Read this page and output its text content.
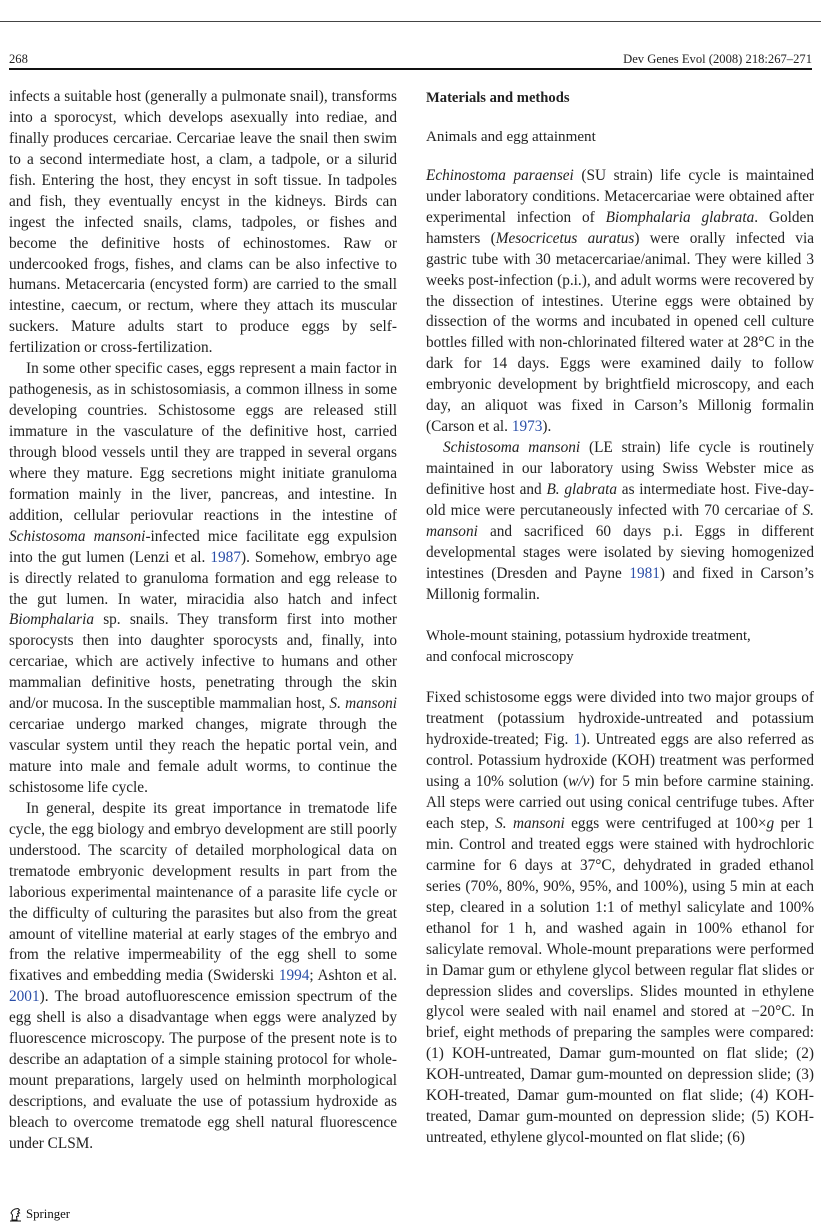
268	Dev Genes Evol (2008) 218:267–271

infects a suitable host (generally a pulmonate snail), transforms into a sporocyst, which develops asexually into rediae, and finally produces cercariae. Cercariae leave the snail then swim to a second intermediate host, a clam, a tadpole, or a silurid fish. Entering the host, they encyst in soft tissue. In tadpoles and fish, they eventually encyst in the kidneys. Birds can ingest the infected snails, clams, tadpoles, or fishes and become the definitive hosts of echinostomes. Raw or undercooked frogs, fishes, and clams can be also infective to humans. Metacercaria (encysted form) are carried to the small intestine, caecum, or rectum, where they attach its muscular suckers. Mature adults start to produce eggs by self-fertilization or cross-fertilization.

In some other specific cases, eggs represent a main factor in pathogenesis, as in schistosomiasis, a common illness in some developing countries. Schistosome eggs are released still immature in the vasculature of the definitive host, carried through blood vessels until they are trapped in several organs where they mature. Egg secretions might initiate granuloma formation mainly in the liver, pancreas, and intestine. In addition, cellular periovular reactions in the intestine of Schistosoma mansoni-infected mice facilitate egg expulsion into the gut lumen (Lenzi et al. 1987). Somehow, embryo age is directly related to granuloma formation and egg release to the gut lumen. In water, miracidia also hatch and infect Biomphalaria sp. snails. They transform first into mother sporocysts then into daughter sporocysts and, finally, into cercariae, which are actively infective to humans and other mammalian definitive hosts, penetrating through the skin and/or mucosa. In the susceptible mammalian host, S. mansoni cercariae undergo marked changes, migrate through the vascular system until they reach the hepatic portal vein, and mature into male and female adult worms, to continue the schistosome life cycle.

In general, despite its great importance in trematode life cycle, the egg biology and embryo development are still poorly understood. The scarcity of detailed morphological data on trematode embryonic development results in part from the laborious experimental maintenance of a parasite life cycle or the difficulty of culturing the parasites but also from the great amount of vitelline material at early stages of the embryo and from the relative impermeability of the egg shell to some fixatives and embedding media (Swiderski 1994; Ashton et al. 2001). The broad autofluorescence emission spectrum of the egg shell is also a disadvantage when eggs were analyzed by fluorescence microscopy. The purpose of the present note is to describe an adaptation of a simple staining protocol for whole-mount preparations, largely used on helminth morphological descriptions, and evaluate the use of potassium hydroxide as bleach to overcome trematode egg shell natural fluorescence under CLSM.

Materials and methods
Animals and egg attainment

Echinostoma paraensei (SU strain) life cycle is maintained under laboratory conditions. Metacercariae were obtained after experimental infection of Biomphalaria glabrata. Golden hamsters (Mesocricetus auratus) were orally infected via gastric tube with 30 metacercariae/animal. They were killed 3 weeks post-infection (p.i.), and adult worms were recovered by the dissection of intestines. Uterine eggs were obtained by dissection of the worms and incubated in opened cell culture bottles filled with non-chlorinated filtered water at 28°C in the dark for 14 days. Eggs were examined daily to follow embryonic development by brightfield microscopy, and each day, an aliquot was fixed in Carson’s Millonig formalin (Carson et al. 1973).

Schistosoma mansoni (LE strain) life cycle is routinely maintained in our laboratory using Swiss Webster mice as definitive host and B. glabrata as intermediate host. Five-day-old mice were percutaneously infected with 70 cercariae of S. mansoni and sacrificed 60 days p.i. Eggs in different developmental stages were isolated by sieving homogenized intestines (Dresden and Payne 1981) and fixed in Carson’s Millonig formalin.

Whole-mount staining, potassium hydroxide treatment,
and confocal microscopy

Fixed schistosome eggs were divided into two major groups of treatment (potassium hydroxide-untreated and potassium hydroxide-treated; Fig. 1). Untreated eggs are also referred as control. Potassium hydroxide (KOH) treatment was performed using a 10% solution (w/v) for 5 min before carmine staining. All steps were carried out using conical centrifuge tubes. After each step, S. mansoni eggs were centrifuged at 100×g per 1 min. Control and treated eggs were stained with hydrochloric carmine for 6 days at 37°C, dehydrated in graded ethanol series (70%, 80%, 90%, 95%, and 100%), using 5 min at each step, cleared in a solution 1:1 of methyl salicylate and 100% ethanol for 1 h, and washed again in 100% ethanol for salicylate removal. Whole-mount preparations were performed in Damar gum or ethylene glycol between regular flat slides or depression slides and coverslips. Slides mounted in ethylene glycol were sealed with nail enamel and stored at −20°C. In brief, eight methods of preparing the samples were compared: (1) KOH-untreated, Damar gum-mounted on flat slide; (2) KOH-untreated, Damar gum-mounted on depression slide; (3) KOH-treated, Damar gum-mounted on flat slide; (4) KOH-treated, Damar gum-mounted on depression slide; (5) KOH-untreated, ethylene glycol-mounted on flat slide; (6)

Springer
